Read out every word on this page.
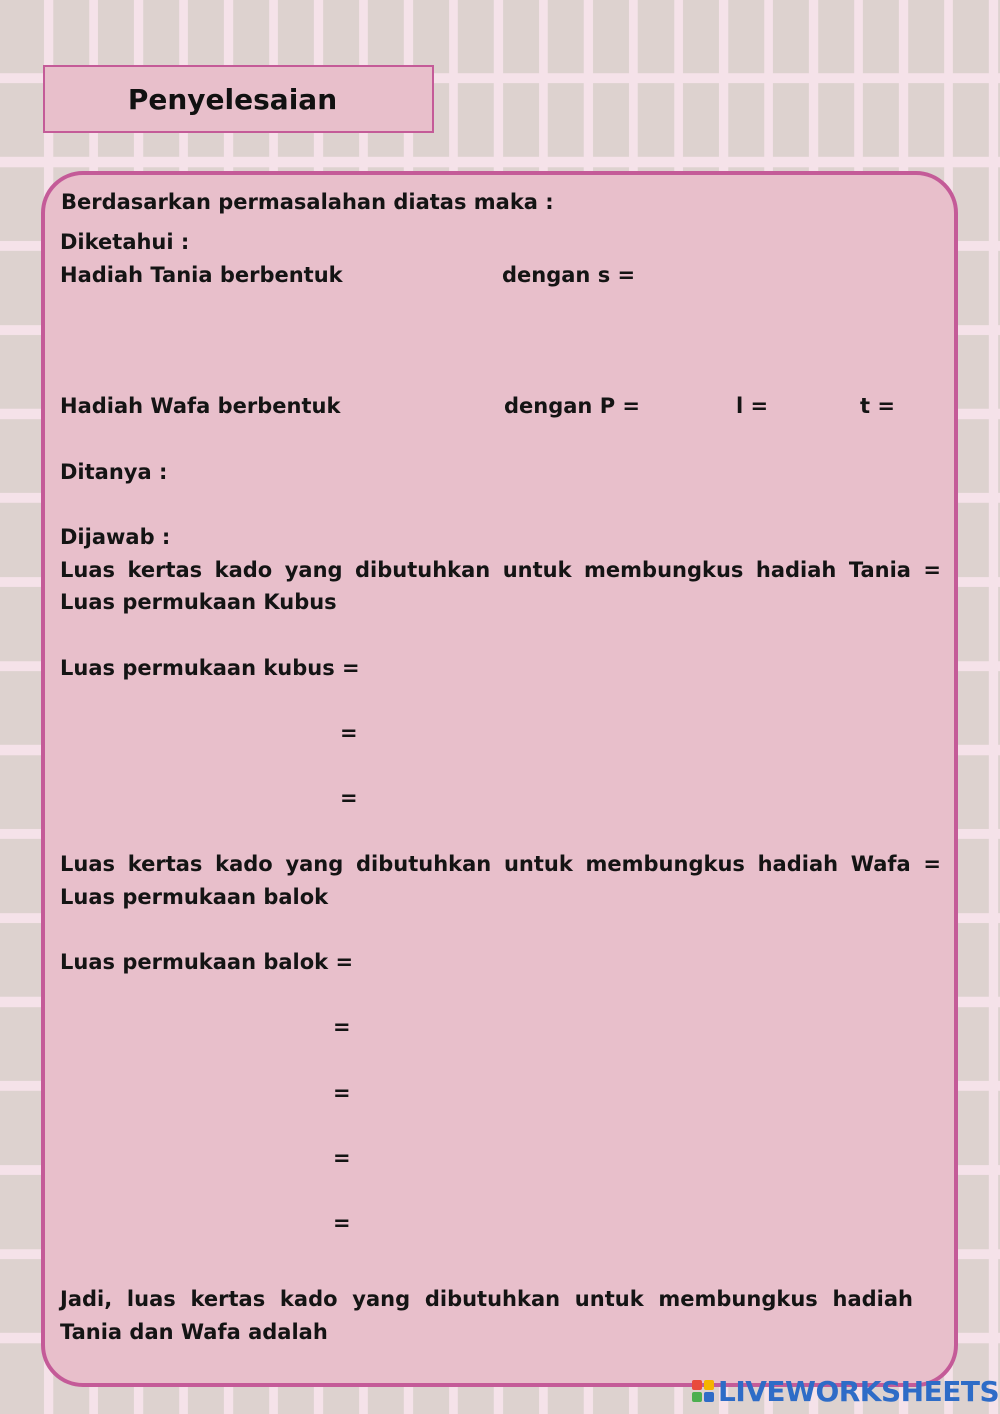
Penyelesaian
Berdasarkan permasalahan diatas maka :
Diketahui :
Hadiah Tania berbentuk	dengan s =
Hadiah Wafa berbentuk	dengan P =	l =	t =
Ditanya :
Dijawab :
Luas kertas kado yang dibutuhkan untuk membungkus hadiah Tania =
Luas permukaan Kubus
Luas permukaan kubus =
=
=
Luas kertas kado yang dibutuhkan untuk membungkus hadiah Wafa =
Luas permukaan balok
Luas permukaan balok =
=
=
=
=
Jadi, luas kertas kado yang dibutuhkan untuk membungkus hadiah
Tania dan Wafa adalah
LIVEWORKSHEETS
